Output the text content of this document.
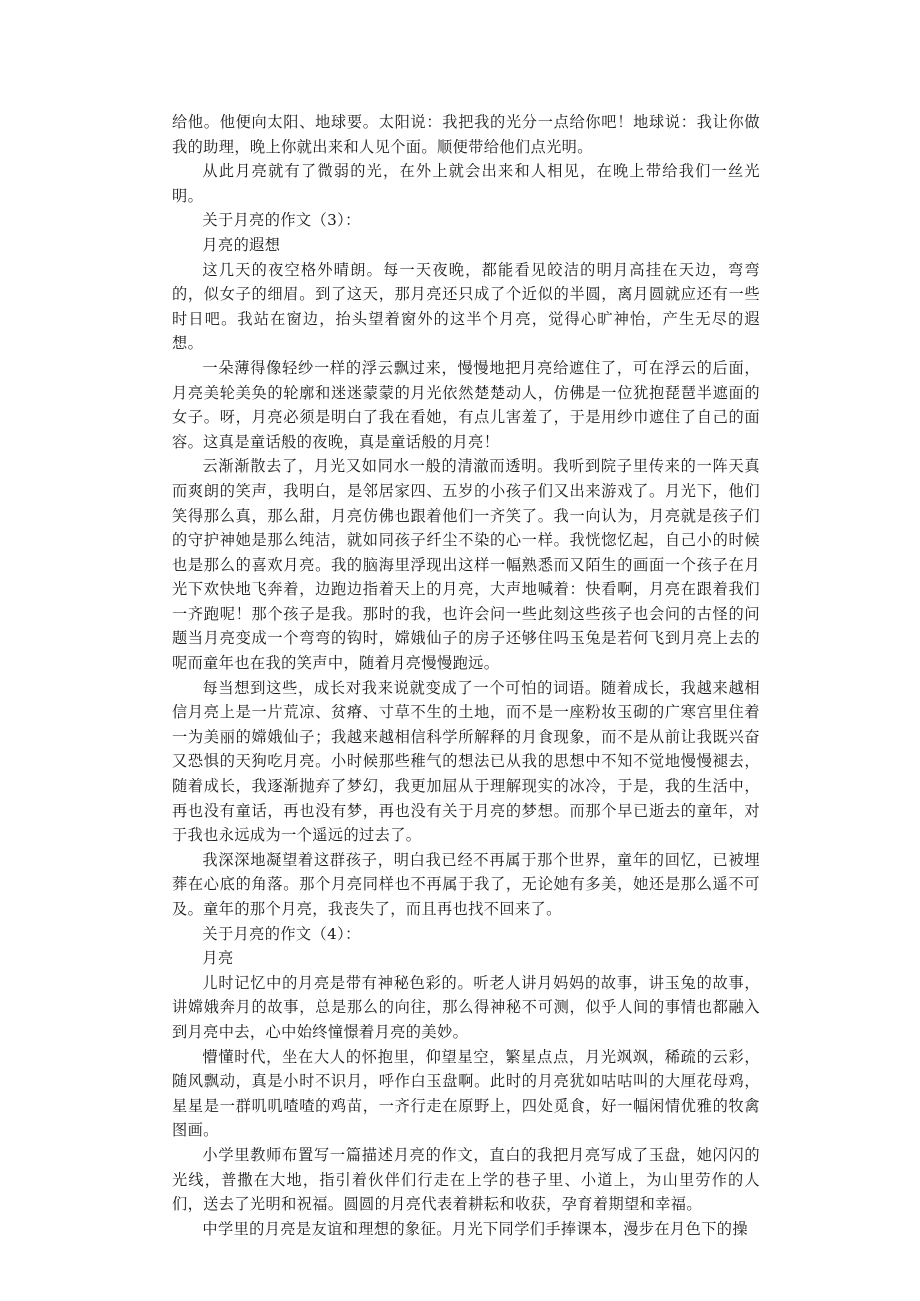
给他。他便向太阳、地球要。太阳说：我把我的光分一点给你吧！地球说：我让你做我的助理，晚上你就出来和人见个面。顺便带给他们点光明。

从此月亮就有了微弱的光，在外上就会出来和人相见，在晚上带给我们一丝光明。

关于月亮的作文（3）：

月亮的遐想

这几天的夜空格外晴朗。每一天夜晚，都能看见皎洁的明月高挂在天边，弯弯的，似女子的细眉。到了这天，那月亮还只成了个近似的半圆，离月圆就应还有一些时日吧。我站在窗边，抬头望着窗外的这半个月亮，觉得心旷神怡，产生无尽的遐想。

一朵薄得像轻纱一样的浮云飘过来，慢慢地把月亮给遮住了，可在浮云的后面，月亮美轮美奂的轮廓和迷迷蒙蒙的月光依然楚楚动人，仿佛是一位犹抱琵琶半遮面的女子。呀，月亮必须是明白了我在看她，有点儿害羞了，于是用纱巾遮住了自己的面容。这真是童话般的夜晚，真是童话般的月亮！

云渐渐散去了，月光又如同水一般的清澈而透明。我听到院子里传来的一阵天真而爽朗的笑声，我明白，是邻居家四、五岁的小孩子们又出来游戏了。月光下，他们笑得那么真，那么甜，月亮仿佛也跟着他们一齐笑了。我一向认为，月亮就是孩子们的守护神她是那么纯洁，就如同孩子纤尘不染的心一样。我恍惚忆起，自己小的时候也是那么的喜欢月亮。我的脑海里浮现出这样一幅熟悉而又陌生的画面一个孩子在月光下欢快地飞奔着，边跑边指着天上的月亮，大声地喊着：快看啊，月亮在跟着我们一齐跑呢！那个孩子是我。那时的我，也许会问一些此刻这些孩子也会问的古怪的问题当月亮变成一个弯弯的钩时，嫦娥仙子的房子还够住吗玉兔是若何飞到月亮上去的呢而童年也在我的笑声中，随着月亮慢慢跑远。

每当想到这些，成长对我来说就变成了一个可怕的词语。随着成长，我越来越相信月亮上是一片荒凉、贫瘠、寸草不生的土地，而不是一座粉妆玉砌的广寒宫里住着一为美丽的嫦娥仙子；我越来越相信科学所解释的月食现象，而不是从前让我既兴奋又恐惧的天狗吃月亮。小时候那些稚气的想法已从我的思想中不知不觉地慢慢褪去，随着成长，我逐渐抛弃了梦幻，我更加屈从于理解现实的冰冷，于是，我的生活中，再也没有童话，再也没有梦，再也没有关于月亮的梦想。而那个早已逝去的童年，对于我也永远成为一个遥远的过去了。

我深深地凝望着这群孩子，明白我已经不再属于那个世界，童年的回忆，已被埋葬在心底的角落。那个月亮同样也不再属于我了，无论她有多美，她还是那么遥不可及。童年的那个月亮，我丧失了，而且再也找不回来了。

关于月亮的作文（4）：

月亮

儿时记忆中的月亮是带有神秘色彩的。听老人讲月妈妈的故事，讲玉兔的故事，讲嫦娥奔月的故事，总是那么的向往，那么得神秘不可测，似乎人间的事情也都融入到月亮中去，心中始终憧憬着月亮的美妙。

懵懂时代，坐在大人的怀抱里，仰望星空，繁星点点，月光飒飒，稀疏的云彩，随风飘动，真是小时不识月，呼作白玉盘啊。此时的月亮犹如咕咕叫的大厘花母鸡，星星是一群叽叽喳喳的鸡苗，一齐行走在原野上，四处觅食，好一幅闲情优雅的牧禽图画。

小学里教师布置写一篇描述月亮的作文，直白的我把月亮写成了玉盘，她闪闪的光线，普撒在大地，指引着伙伴们行走在上学的巷子里、小道上，为山里劳作的人们，送去了光明和祝福。圆圆的月亮代表着耕耘和收获，孕育着期望和幸福。

中学里的月亮是友谊和理想的象征。月光下同学们手捧课本，漫步在月色下的操
